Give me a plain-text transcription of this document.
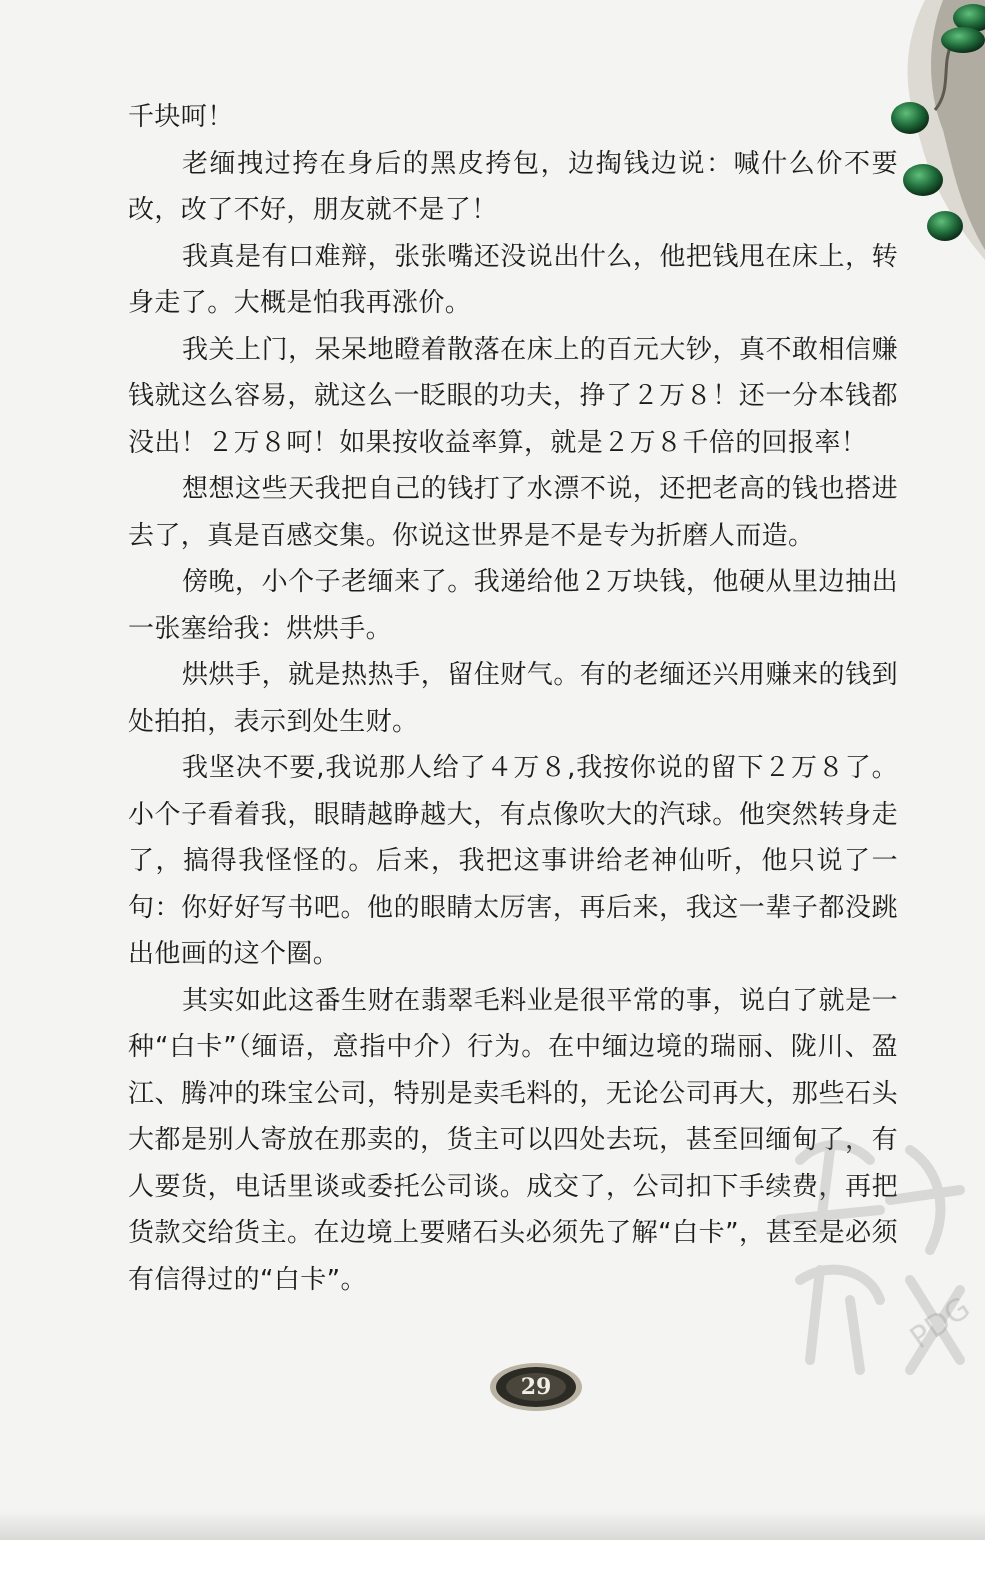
千块呵！

老缅拽过挎在身后的黑皮挎包，边掏钱边说：喊什么价不要改，改了不好，朋友就不是了！

我真是有口难辩，张张嘴还没说出什么，他把钱甩在床上，转身走了。大概是怕我再涨价。

我关上门，呆呆地瞪着散落在床上的百元大钞，真不敢相信赚钱就这么容易，就这么一眨眼的功夫，挣了２万８！还一分本钱都没出！２万８呵！如果按收益率算，就是２万８千倍的回报率！

想想这些天我把自己的钱打了水漂不说，还把老高的钱也搭进去了，真是百感交集。你说这世界是不是专为折磨人而造。

傍晚，小个子老缅来了。我递给他２万块钱，他硬从里边抽出一张塞给我：烘烘手。

烘烘手，就是热热手，留住财气。有的老缅还兴用赚来的钱到处拍拍，表示到处生财。

我坚决不要,我说那人给了４万８,我按你说的留下２万８了。小个子看着我，眼睛越睁越大，有点像吹大的汽球。他突然转身走了，搞得我怪怪的。后来，我把这事讲给老神仙听，他只说了一句：你好好写书吧。他的眼睛太厉害，再后来，我这一辈子都没跳出他画的这个圈。

其实如此这番生财在翡翠毛料业是很平常的事，说白了就是一种“白卡”（缅语，意指中介）行为。在中缅边境的瑞丽、陇川、盈江、腾冲的珠宝公司，特别是卖毛料的，无论公司再大，那些石头大都是别人寄放在那卖的，货主可以四处去玩，甚至回缅甸了，有人要货，电话里谈或委托公司谈。成交了，公司扣下手续费，再把货款交给货主。在边境上要赌石头必须先了解“白卡”，甚至是必须有信得过的“白卡”。

PDG
29
